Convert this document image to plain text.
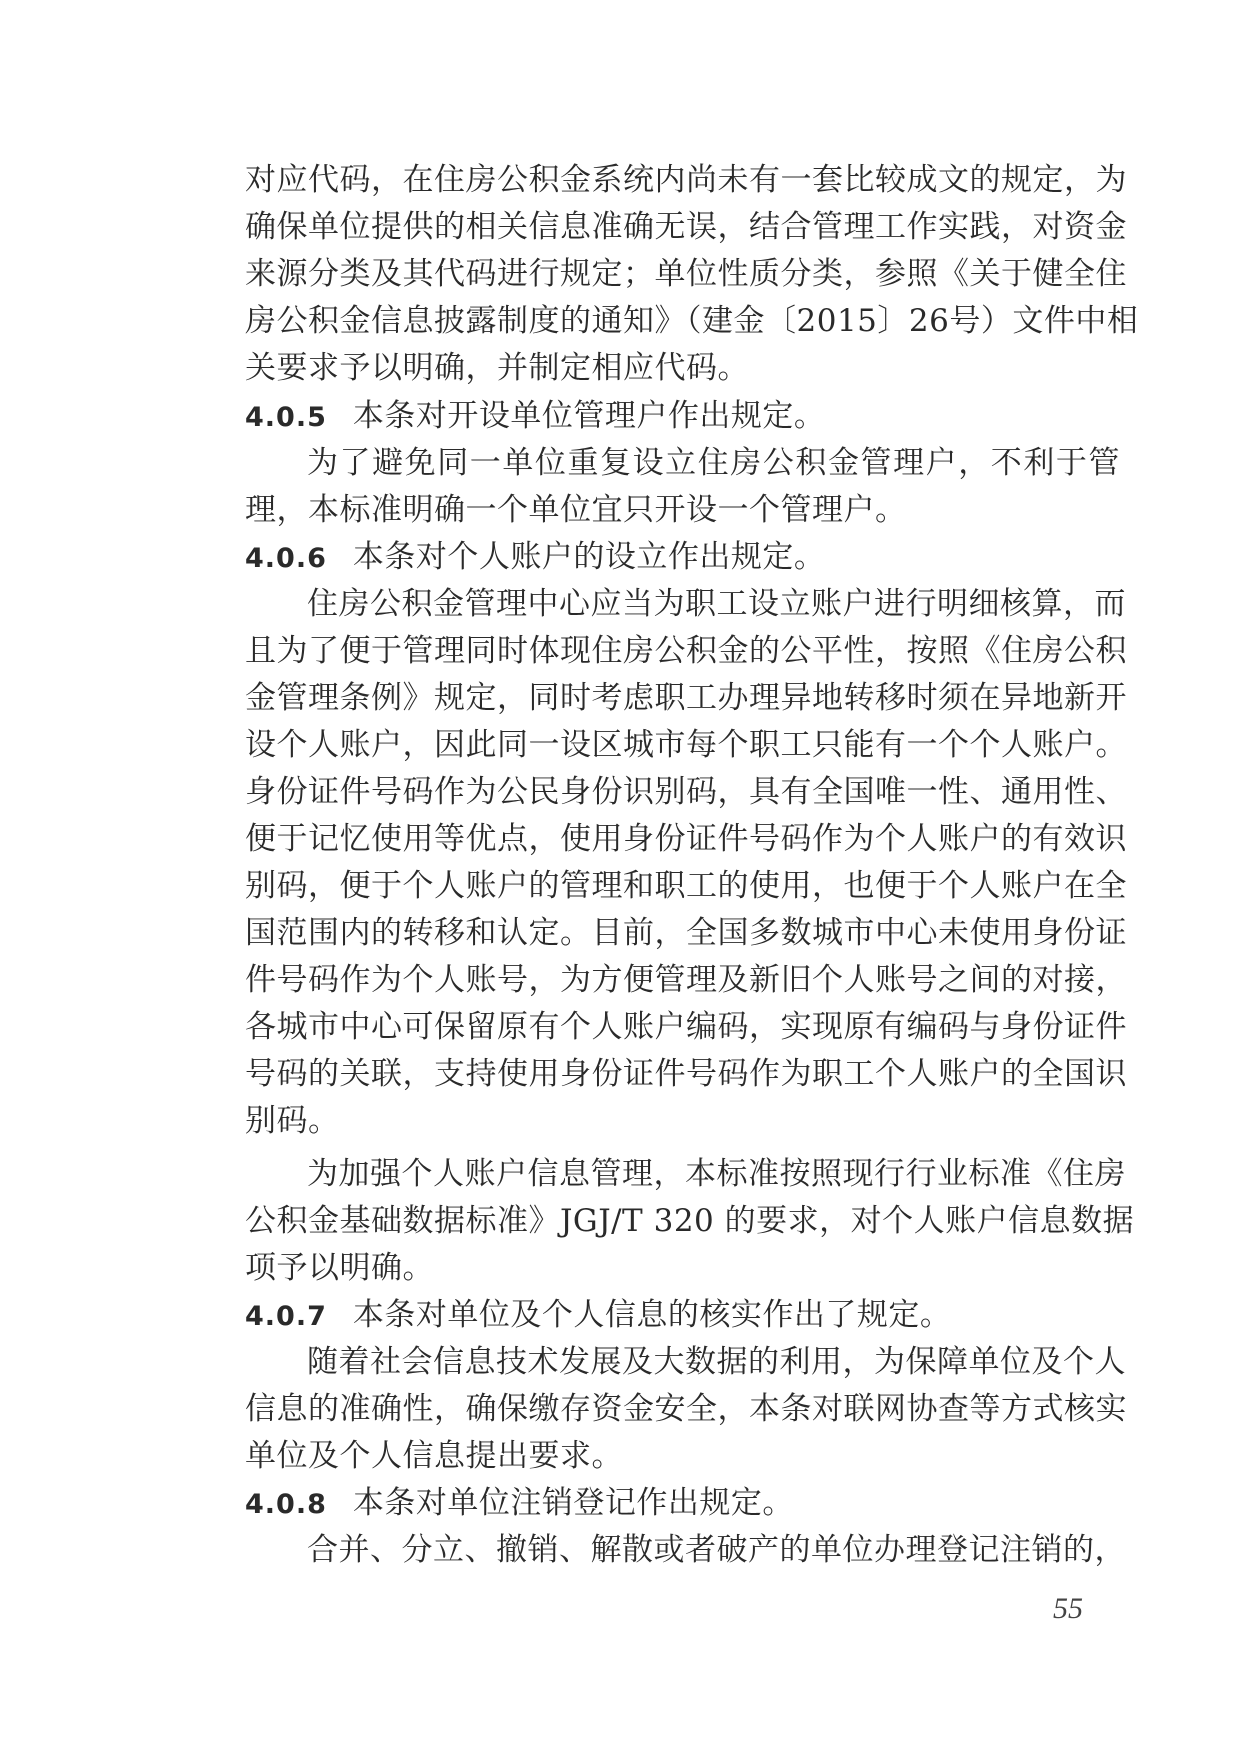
对应代码，在住房公积金系统内尚未有一套比较成文的规定，为
确保单位提供的相关信息准确无误，结合管理工作实践，对资金
来源分类及其代码进行规定；单位性质分类，参照《关于健全住
房公积金信息披露制度的通知》（建金〔2015〕26号）文件中相
关要求予以明确，并制定相应代码。
4.0.5 本条对开设单位管理户作出规定。
为了避免同一单位重复设立住房公积金管理户，不利于管
理，本标准明确一个单位宜只开设一个管理户。
4.0.6 本条对个人账户的设立作出规定。
住房公积金管理中心应当为职工设立账户进行明细核算，而
且为了便于管理同时体现住房公积金的公平性，按照《住房公积
金管理条例》规定，同时考虑职工办理异地转移时须在异地新开
设个人账户，因此同一设区城市每个职工只能有一个个人账户。
身份证件号码作为公民身份识别码，具有全国唯一性、通用性、
便于记忆使用等优点，使用身份证件号码作为个人账户的有效识
别码，便于个人账户的管理和职工的使用，也便于个人账户在全
国范围内的转移和认定。目前，全国多数城市中心未使用身份证
件号码作为个人账号，为方便管理及新旧个人账号之间的对接，
各城市中心可保留原有个人账户编码，实现原有编码与身份证件
号码的关联，支持使用身份证件号码作为职工个人账户的全国识
别码。
为加强个人账户信息管理，本标准按照现行行业标准《住房
公积金基础数据标准》JGJ/T 320 的要求，对个人账户信息数据
项予以明确。
4.0.7 本条对单位及个人信息的核实作出了规定。
随着社会信息技术发展及大数据的利用，为保障单位及个人
信息的准确性，确保缴存资金安全，本条对联网协查等方式核实
单位及个人信息提出要求。
4.0.8 本条对单位注销登记作出规定。
合并、分立、撤销、解散或者破产的单位办理登记注销的，
55
